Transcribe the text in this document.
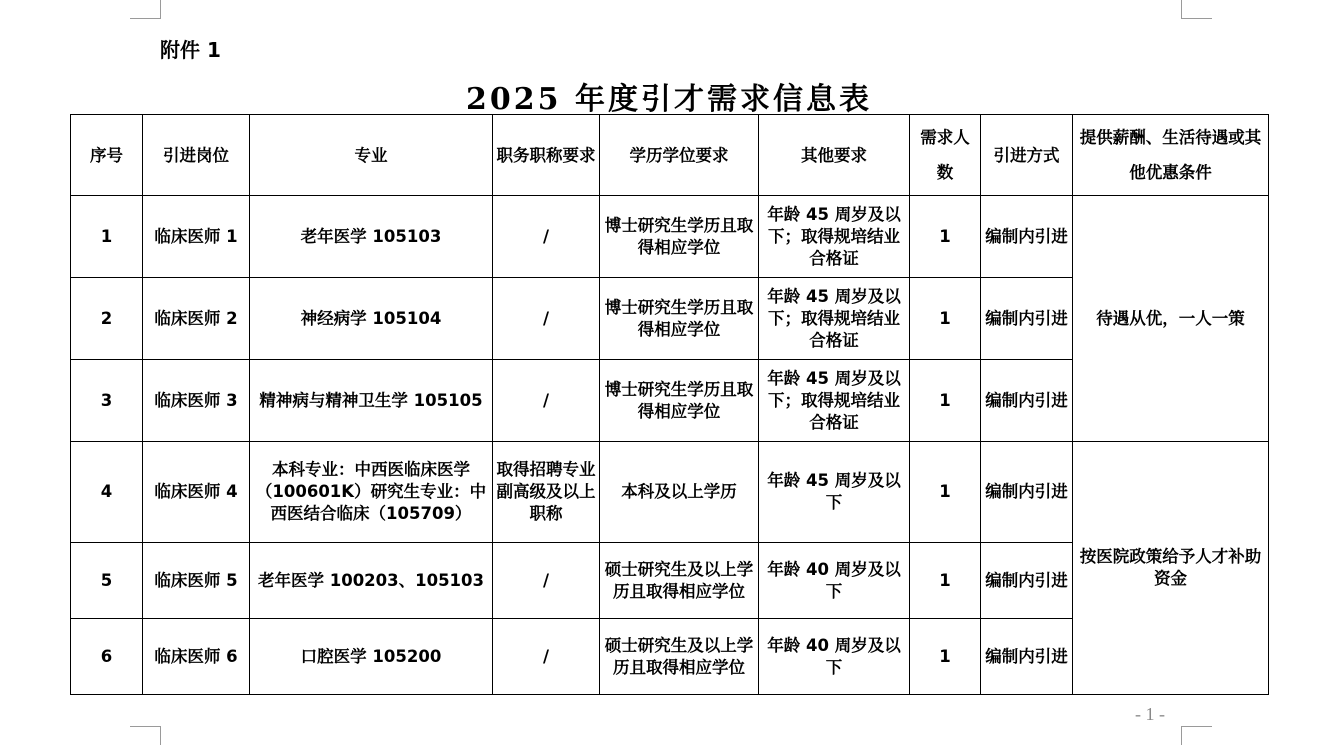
附件 1
2025 年度引才需求信息表
序号	引进岗位	专业	职务职称要求	学历学位要求	其他要求	需求人数	引进方式	提供薪酬、生活待遇或其他优惠条件
1	临床医师 1	老年医学 105103	/	博士研究生学历且取得相应学位	年龄 45 周岁及以下；取得规培结业合格证	1	编制内引进	待遇从优，一人一策
2	临床医师 2	神经病学 105104	/	博士研究生学历且取得相应学位	年龄 45 周岁及以下；取得规培结业合格证	1	编制内引进	
3	临床医师 3	精神病与精神卫生学 105105	/	博士研究生学历且取得相应学位	年龄 45 周岁及以下；取得规培结业合格证	1	编制内引进	
4	临床医师 4	本科专业：中西医临床医学（100601K）研究生专业：中西医结合临床（105709）	取得招聘专业副高级及以上职称	本科及以上学历	年龄 45 周岁及以下	1	编制内引进	按医院政策给予人才补助资金
5	临床医师 5	老年医学 100203、105103	/	硕士研究生及以上学历且取得相应学位	年龄 40 周岁及以下	1	编制内引进	
6	临床医师 6	口腔医学 105200	/	硕士研究生及以上学历且取得相应学位	年龄 40 周岁及以下	1	编制内引进	
- 1 -
